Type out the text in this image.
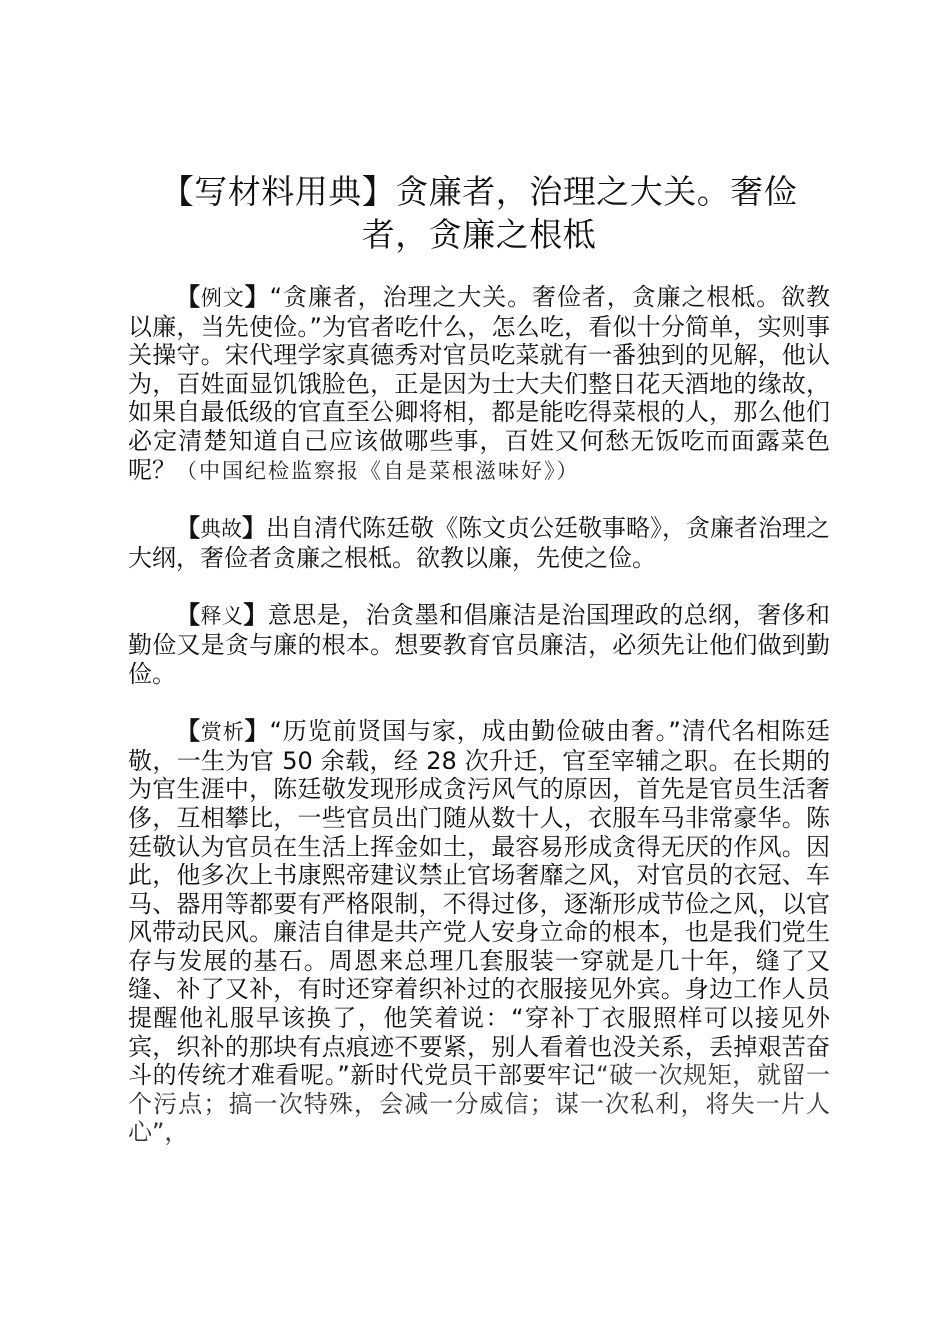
【写材料用典】贪廉者，治理之大关。奢俭者，贪廉之根柢

【例文】“贪廉者，治理之大关。奢俭者，贪廉之根柢。欲教以廉，当先使俭。”为官者吃什么，怎么吃，看似十分简单，实则事关操守。宋代理学家真德秀对官员吃菜就有一番独到的见解，他认为，百姓面显饥饿脸色，正是因为士大夫们整日花天酒地的缘故，如果自最低级的官直至公卿将相，都是能吃得菜根的人，那么他们必定清楚知道自己应该做哪些事，百姓又何愁无饭吃而面露菜色呢？（中国纪检监察报《自是菜根滋味好》）

【典故】出自清代陈廷敬《陈文贞公廷敬事略》，贪廉者治理之大纲，奢俭者贪廉之根柢。欲教以廉，先使之俭。

【释义】意思是，治贪墨和倡廉洁是治国理政的总纲，奢侈和勤俭又是贪与廉的根本。想要教育官员廉洁，必须先让他们做到勤俭。

【赏析】“历览前贤国与家，成由勤俭破由奢。”清代名相陈廷敬，一生为官 50 余载，经 28 次升迁，官至宰辅之职。在长期的为官生涯中，陈廷敬发现形成贪污风气的原因，首先是官员生活奢侈，互相攀比，一些官员出门随从数十人，衣服车马非常豪华。陈廷敬认为官员在生活上挥金如土，最容易形成贪得无厌的作风。因此，他多次上书康熙帝建议禁止官场奢靡之风，对官员的衣冠、车马、器用等都要有严格限制，不得过侈，逐渐形成节俭之风，以官风带动民风。廉洁自律是共产党人安身立命的根本，也是我们党生存与发展的基石。周恩来总理几套服装一穿就是几十年，缝了又缝、补了又补，有时还穿着织补过的衣服接见外宾。身边工作人员提醒他礼服早该换了，他笑着说：“穿补丁衣服照样可以接见外宾，织补的那块有点痕迹不要紧，别人看着也没关系，丢掉艰苦奋斗的传统才难看呢。”新时代党员干部要牢记“破一次规矩，就留一个污点；搞一次特殊，会减一分威信；谋一次私利，将失一片人心”，
